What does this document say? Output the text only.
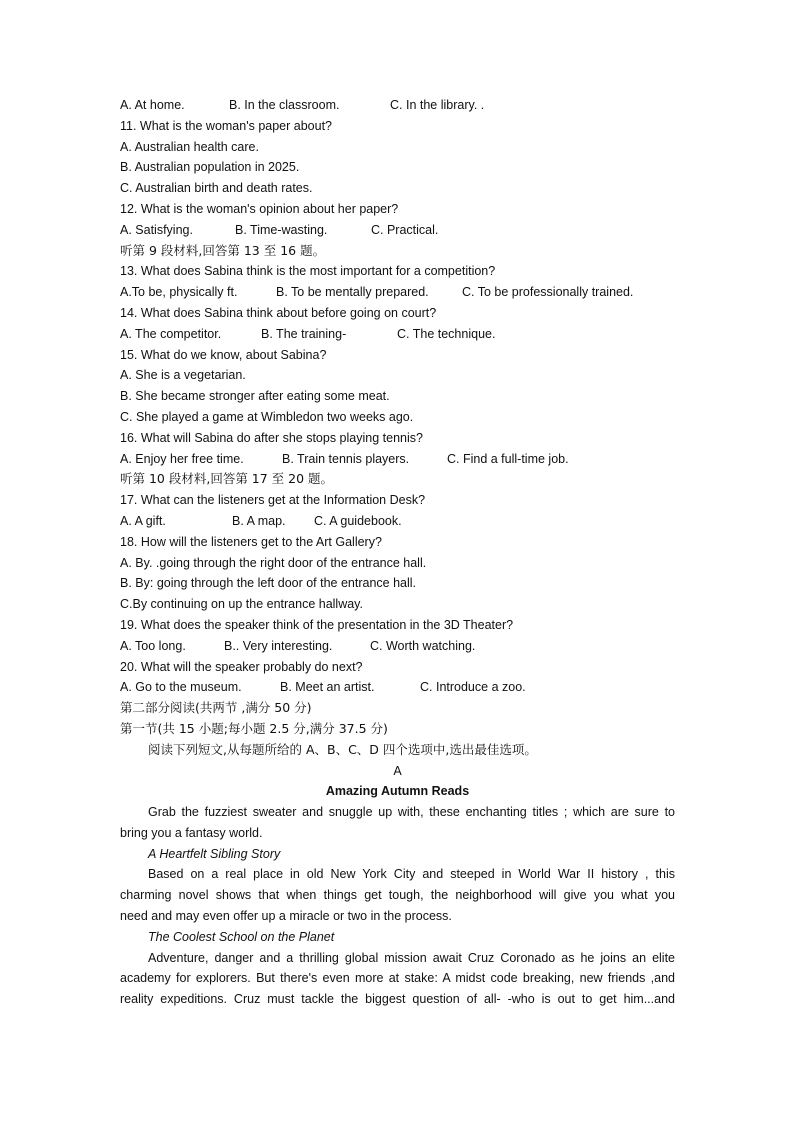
A. At home.	B. In the classroom.	C. In the library. .
11. What is the woman's paper about?
A. Australian health care.
B. Australian population in 2025.
C. Australian birth and death rates.
12. What is the woman's opinion about her paper?
A. Satisfying.	B. Time-wasting.	C. Practical.
听第 9 段材料,回答第 13 至 16 题。
13. What does Sabina think is the most important for a competition?
A.To be, physically ft.	B. To be mentally prepared.	C. To be professionally trained.
14. What does Sabina think about before going on court?
A. The competitor.	B. The training-	C. The technique.
15. What do we know, about Sabina?
A. She is a vegetarian.
B. She became stronger after eating some meat.
C. She played a game at Wimbledon two weeks ago.
16. What will Sabina do after she stops playing tennis?
A. Enjoy her free time.	B. Train tennis players.	C. Find a full-time job.
听第 10 段材料,回答第 17 至 20 题。
17. What can the listeners get at the Information Desk?
A. A gift.	B. A map.	C. A guidebook.
18. How will the listeners get to the Art Gallery?
A. By. .going through the right door of the entrance hall.
B. By: going through the left door of the entrance hall.
C.By continuing on up the entrance hallway.
19. What does the speaker think of the presentation in the 3D Theater?
A. Too long.	B.. Very interesting.	C. Worth watching.
20. What will the speaker probably do next?
A. Go to the museum.	B. Meet an artist.	C. Introduce a zoo.
第二部分阅读(共两节 ,满分 50 分)
第一节(共 15 小题;每小题 2.5 分,满分 37.5 分)
阅读下列短文,从每题所给的 A、B、C、D 四个选项中,选出最佳选项。
A
Amazing Autumn Reads
Grab the fuzziest sweater and snuggle up with, these enchanting titles ; which are sure to
bring you a fantasy world.
A Heartfelt Sibling Story
Based on a real place in old New York City and steeped in World War II history , this
charming novel shows that when things get tough, the neighborhood will give you what you
need and may even offer up a miracle or two in the process.
The Coolest School on the Planet
Adventure, danger and a thrilling global mission await Cruz Coronado as he joins an elite
academy for explorers. But there's even more at stake: A midst code breaking, new friends ,and
reality expeditions. Cruz must tackle the biggest question of all- -who is out to get him...and
